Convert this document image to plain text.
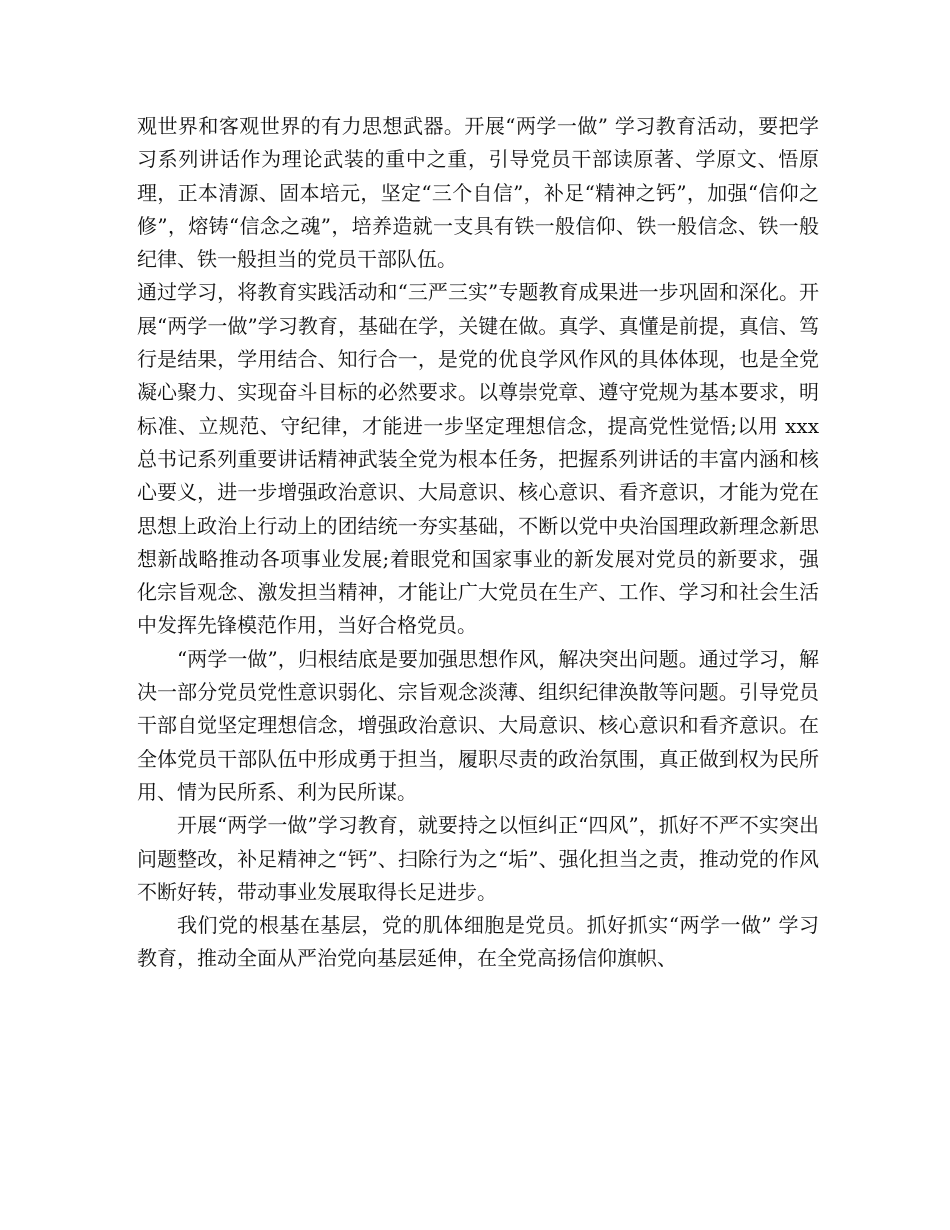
观世界和客观世界的有力思想武器。开展“两学一做” 学习教育活动，要把学习系列讲话作为理论武装的重中之重，引导党员干部读原著、学原文、悟原理，正本清源、固本培元，坚定“三个自信”，补足“精神之钙”，加强“信仰之修”，熔铸“信念之魂”，培养造就一支具有铁一般信仰、铁一般信念、铁一般纪律、铁一般担当的党员干部队伍。

通过学习，将教育实践活动和“三严三实”专题教育成果进一步巩固和深化。开展“两学一做”学习教育，基础在学，关键在做。真学、真懂是前提，真信、笃行是结果，学用结合、知行合一，是党的优良学风作风的具体体现，也是全党凝心聚力、实现奋斗目标的必然要求。以尊崇党章、遵守党规为基本要求，明标准、立规范、守纪律，才能进一步坚定理想信念，提高党性觉悟;以用 xxx 总书记系列重要讲话精神武装全党为根本任务，把握系列讲话的丰富内涵和核心要义，进一步增强政治意识、大局意识、核心意识、看齐意识，才能为党在思想上政治上行动上的团结统一夯实基础，不断以党中央治国理政新理念新思想新战略推动各项事业发展;着眼党和国家事业的新发展对党员的新要求，强化宗旨观念、激发担当精神，才能让广大党员在生产、工作、学习和社会生活中发挥先锋模范作用，当好合格党员。

“两学一做”，归根结底是要加强思想作风，解决突出问题。通过学习，解决一部分党员党性意识弱化、宗旨观念淡薄、组织纪律涣散等问题。引导党员干部自觉坚定理想信念，增强政治意识、大局意识、核心意识和看齐意识。在全体党员干部队伍中形成勇于担当，履职尽责的政治氛围，真正做到权为民所用、情为民所系、利为民所谋。

开展“两学一做”学习教育，就要持之以恒纠正“四风”，抓好不严不实突出问题整改，补足精神之“钙”、扫除行为之“垢”、强化担当之责，推动党的作风不断好转，带动事业发展取得长足进步。

我们党的根基在基层，党的肌体细胞是党员。抓好抓实“两学一做” 学习教育，推动全面从严治党向基层延伸，在全党高扬信仰旗帜、
